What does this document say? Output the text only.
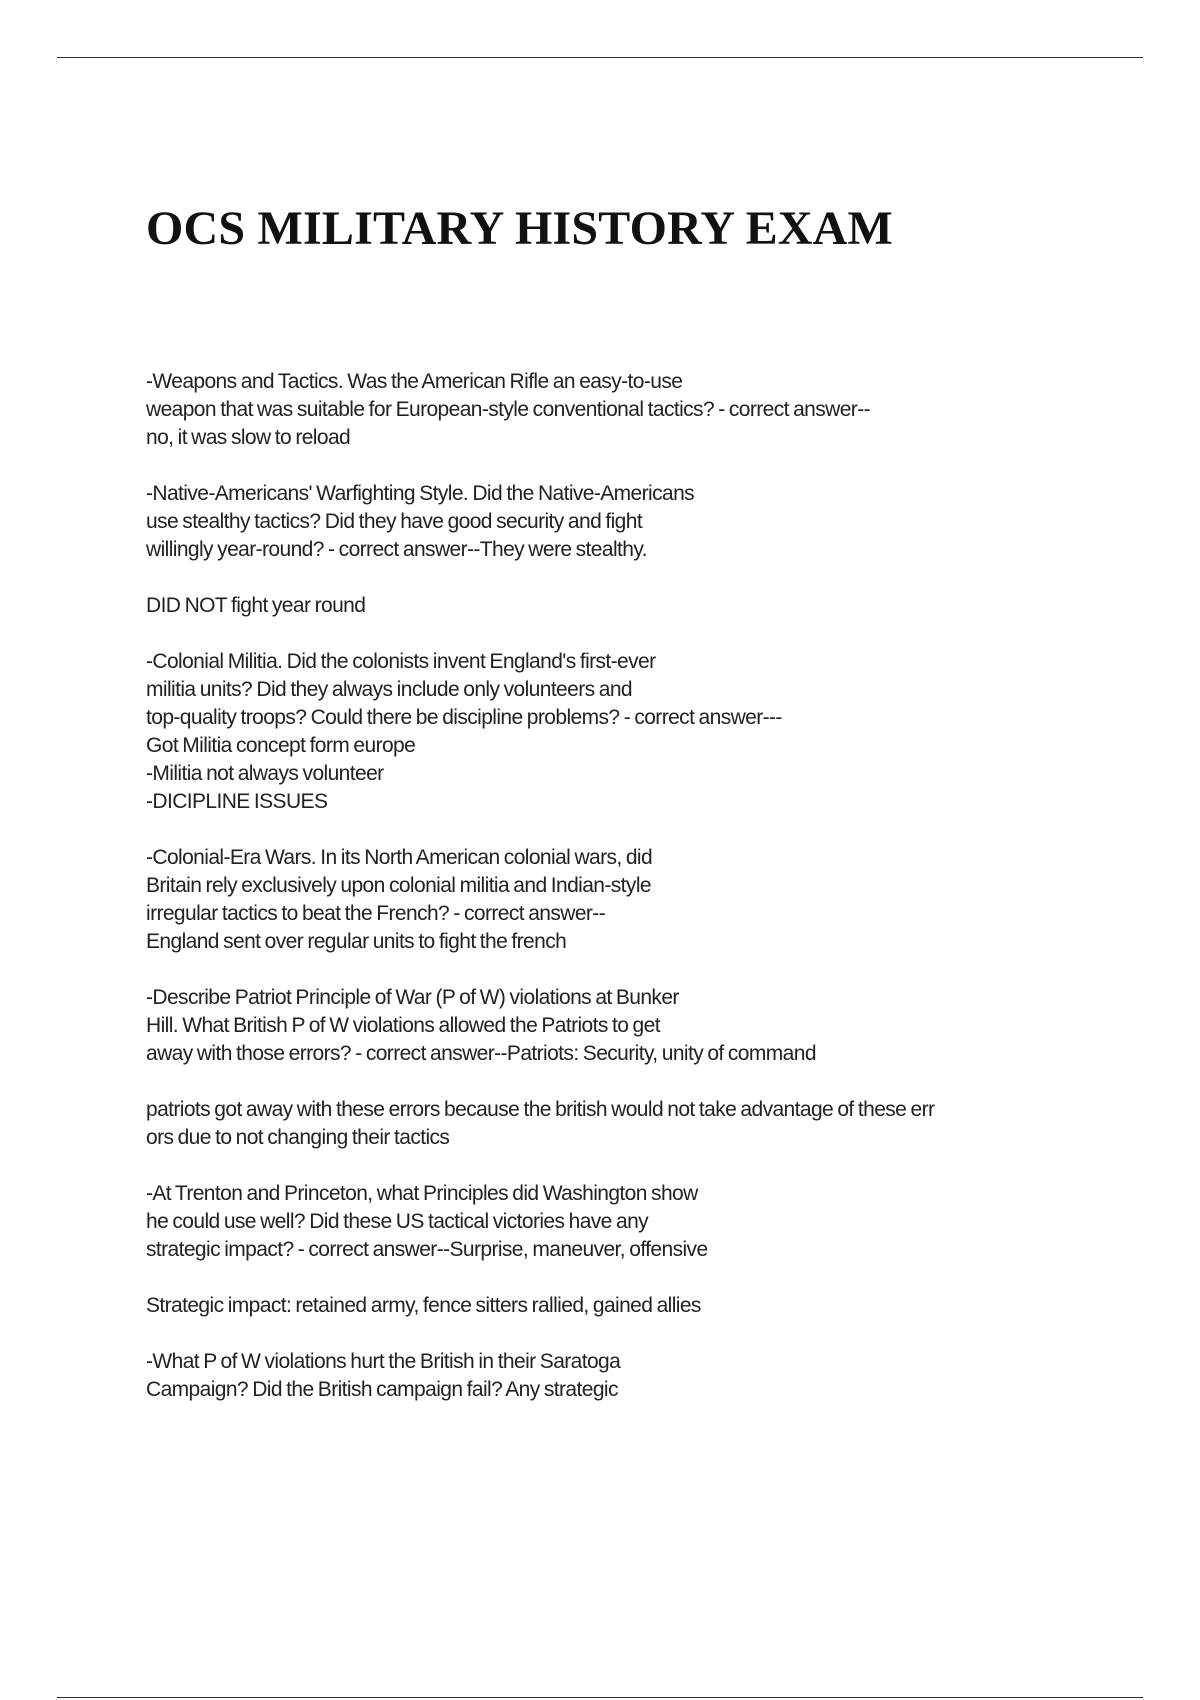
OCS MILITARY HISTORY EXAM

-Weapons and Tactics. Was the American Rifle an easy-to-use
weapon that was suitable for European-style conventional tactics? - correct answer--
no, it was slow to reload

-Native-Americans' Warfighting Style. Did the Native-Americans
use stealthy tactics? Did they have good security and fight
willingly year-round? - correct answer--They were stealthy.

DID NOT fight year round

-Colonial Militia. Did the colonists invent England's first-ever
militia units? Did they always include only volunteers and
top-quality troops? Could there be discipline problems? - correct answer---
Got Militia concept form europe
-Militia not always volunteer
-DICIPLINE ISSUES

-Colonial-Era Wars. In its North American colonial wars, did
Britain rely exclusively upon colonial militia and Indian-style
irregular tactics to beat the French? - correct answer--
England sent over regular units to fight the french

-Describe Patriot Principle of War (P of W) violations at Bunker
Hill. What British P of W violations allowed the Patriots to get
away with those errors? - correct answer--Patriots: Security, unity of command

patriots got away with these errors because the british would not take advantage of these err
ors due to not changing their tactics

-At Trenton and Princeton, what Principles did Washington show
he could use well? Did these US tactical victories have any
strategic impact? - correct answer--Surprise, maneuver, offensive

Strategic impact: retained army, fence sitters rallied, gained allies

-What P of W violations hurt the British in their Saratoga
Campaign? Did the British campaign fail? Any strategic
